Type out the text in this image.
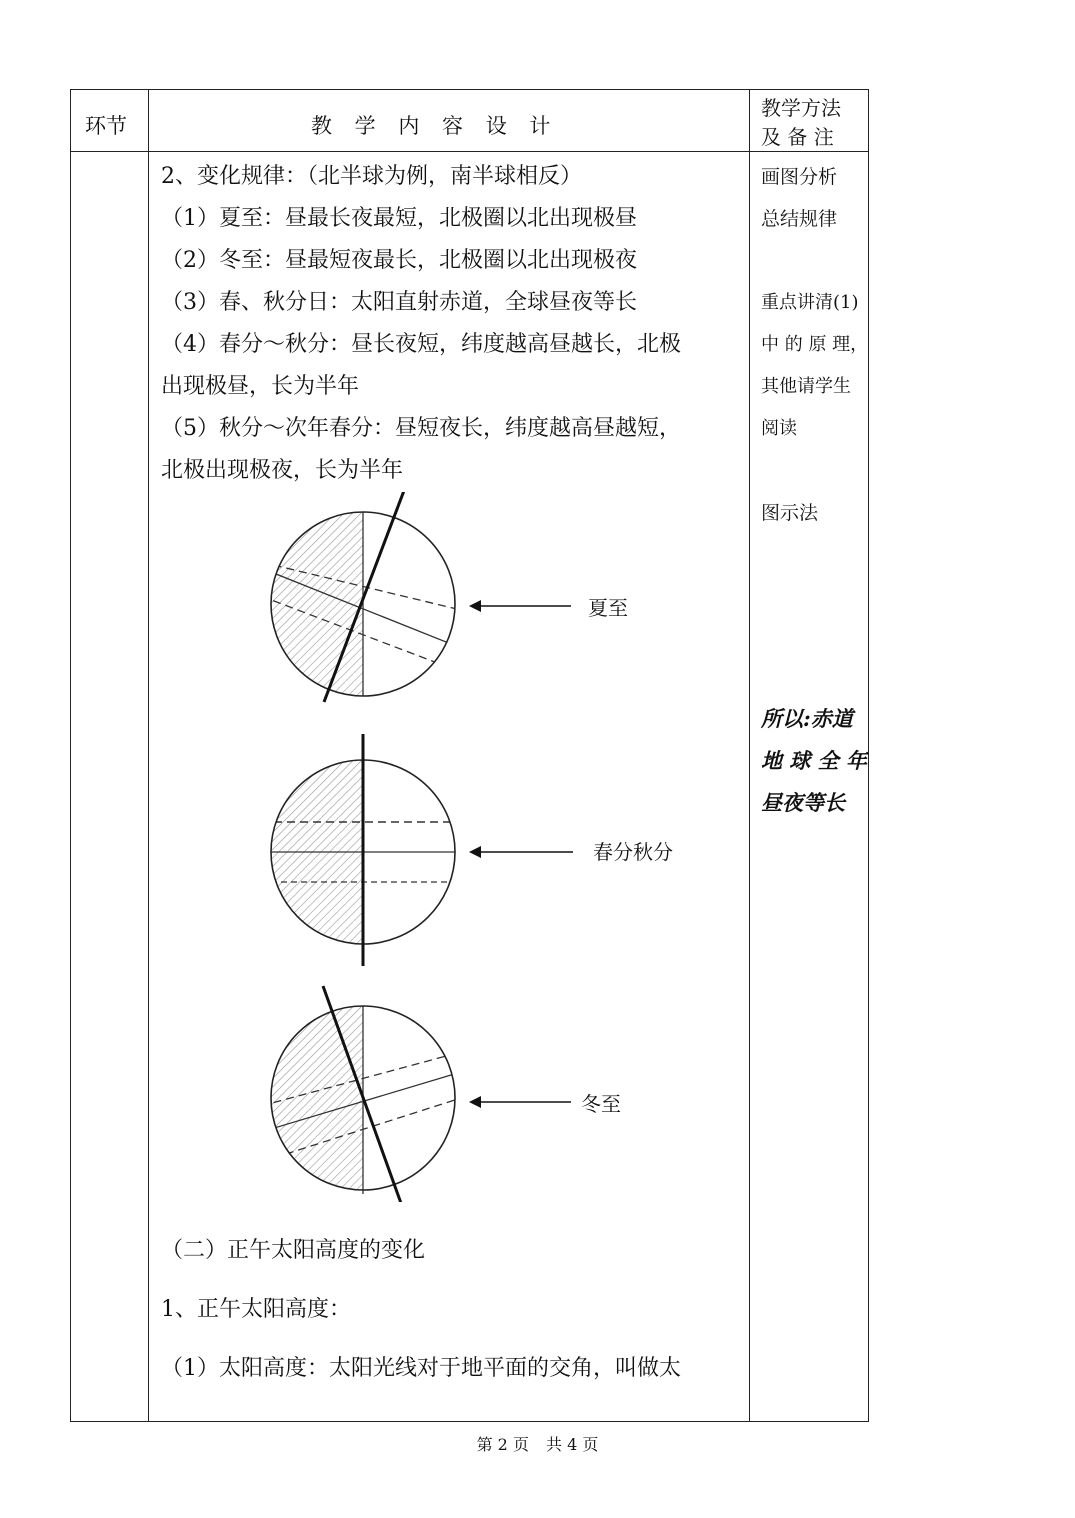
环节	教 学 内 容 设 计
教学方法
及 备 注

2、变化规律：（北半球为例，南半球相反）

（1）夏至：昼最长夜最短，北极圈以北出现极昼

（2）冬至：昼最短夜最长，北极圈以北出现极夜

（3）春、秋分日：太阳直射赤道，全球昼夜等长

（4）春分～秋分：昼长夜短，纬度越高昼越长，北极

出现极昼，长为半年

（5）秋分～次年春分：昼短夜长，纬度越高昼越短，

北极出现极夜，长为半年

夏至
春分秋分
冬至

（二）正午太阳高度的变化

1、正午太阳高度：

（1）太阳高度：太阳光线对于地平面的交角，叫做太

画图分析
总结规律
重点讲清(1)
中 的 原 理，
其他请学生
阅读
图示法
所以:赤道
地 球 全 年
昼夜等长
第 2 页 共 4 页
